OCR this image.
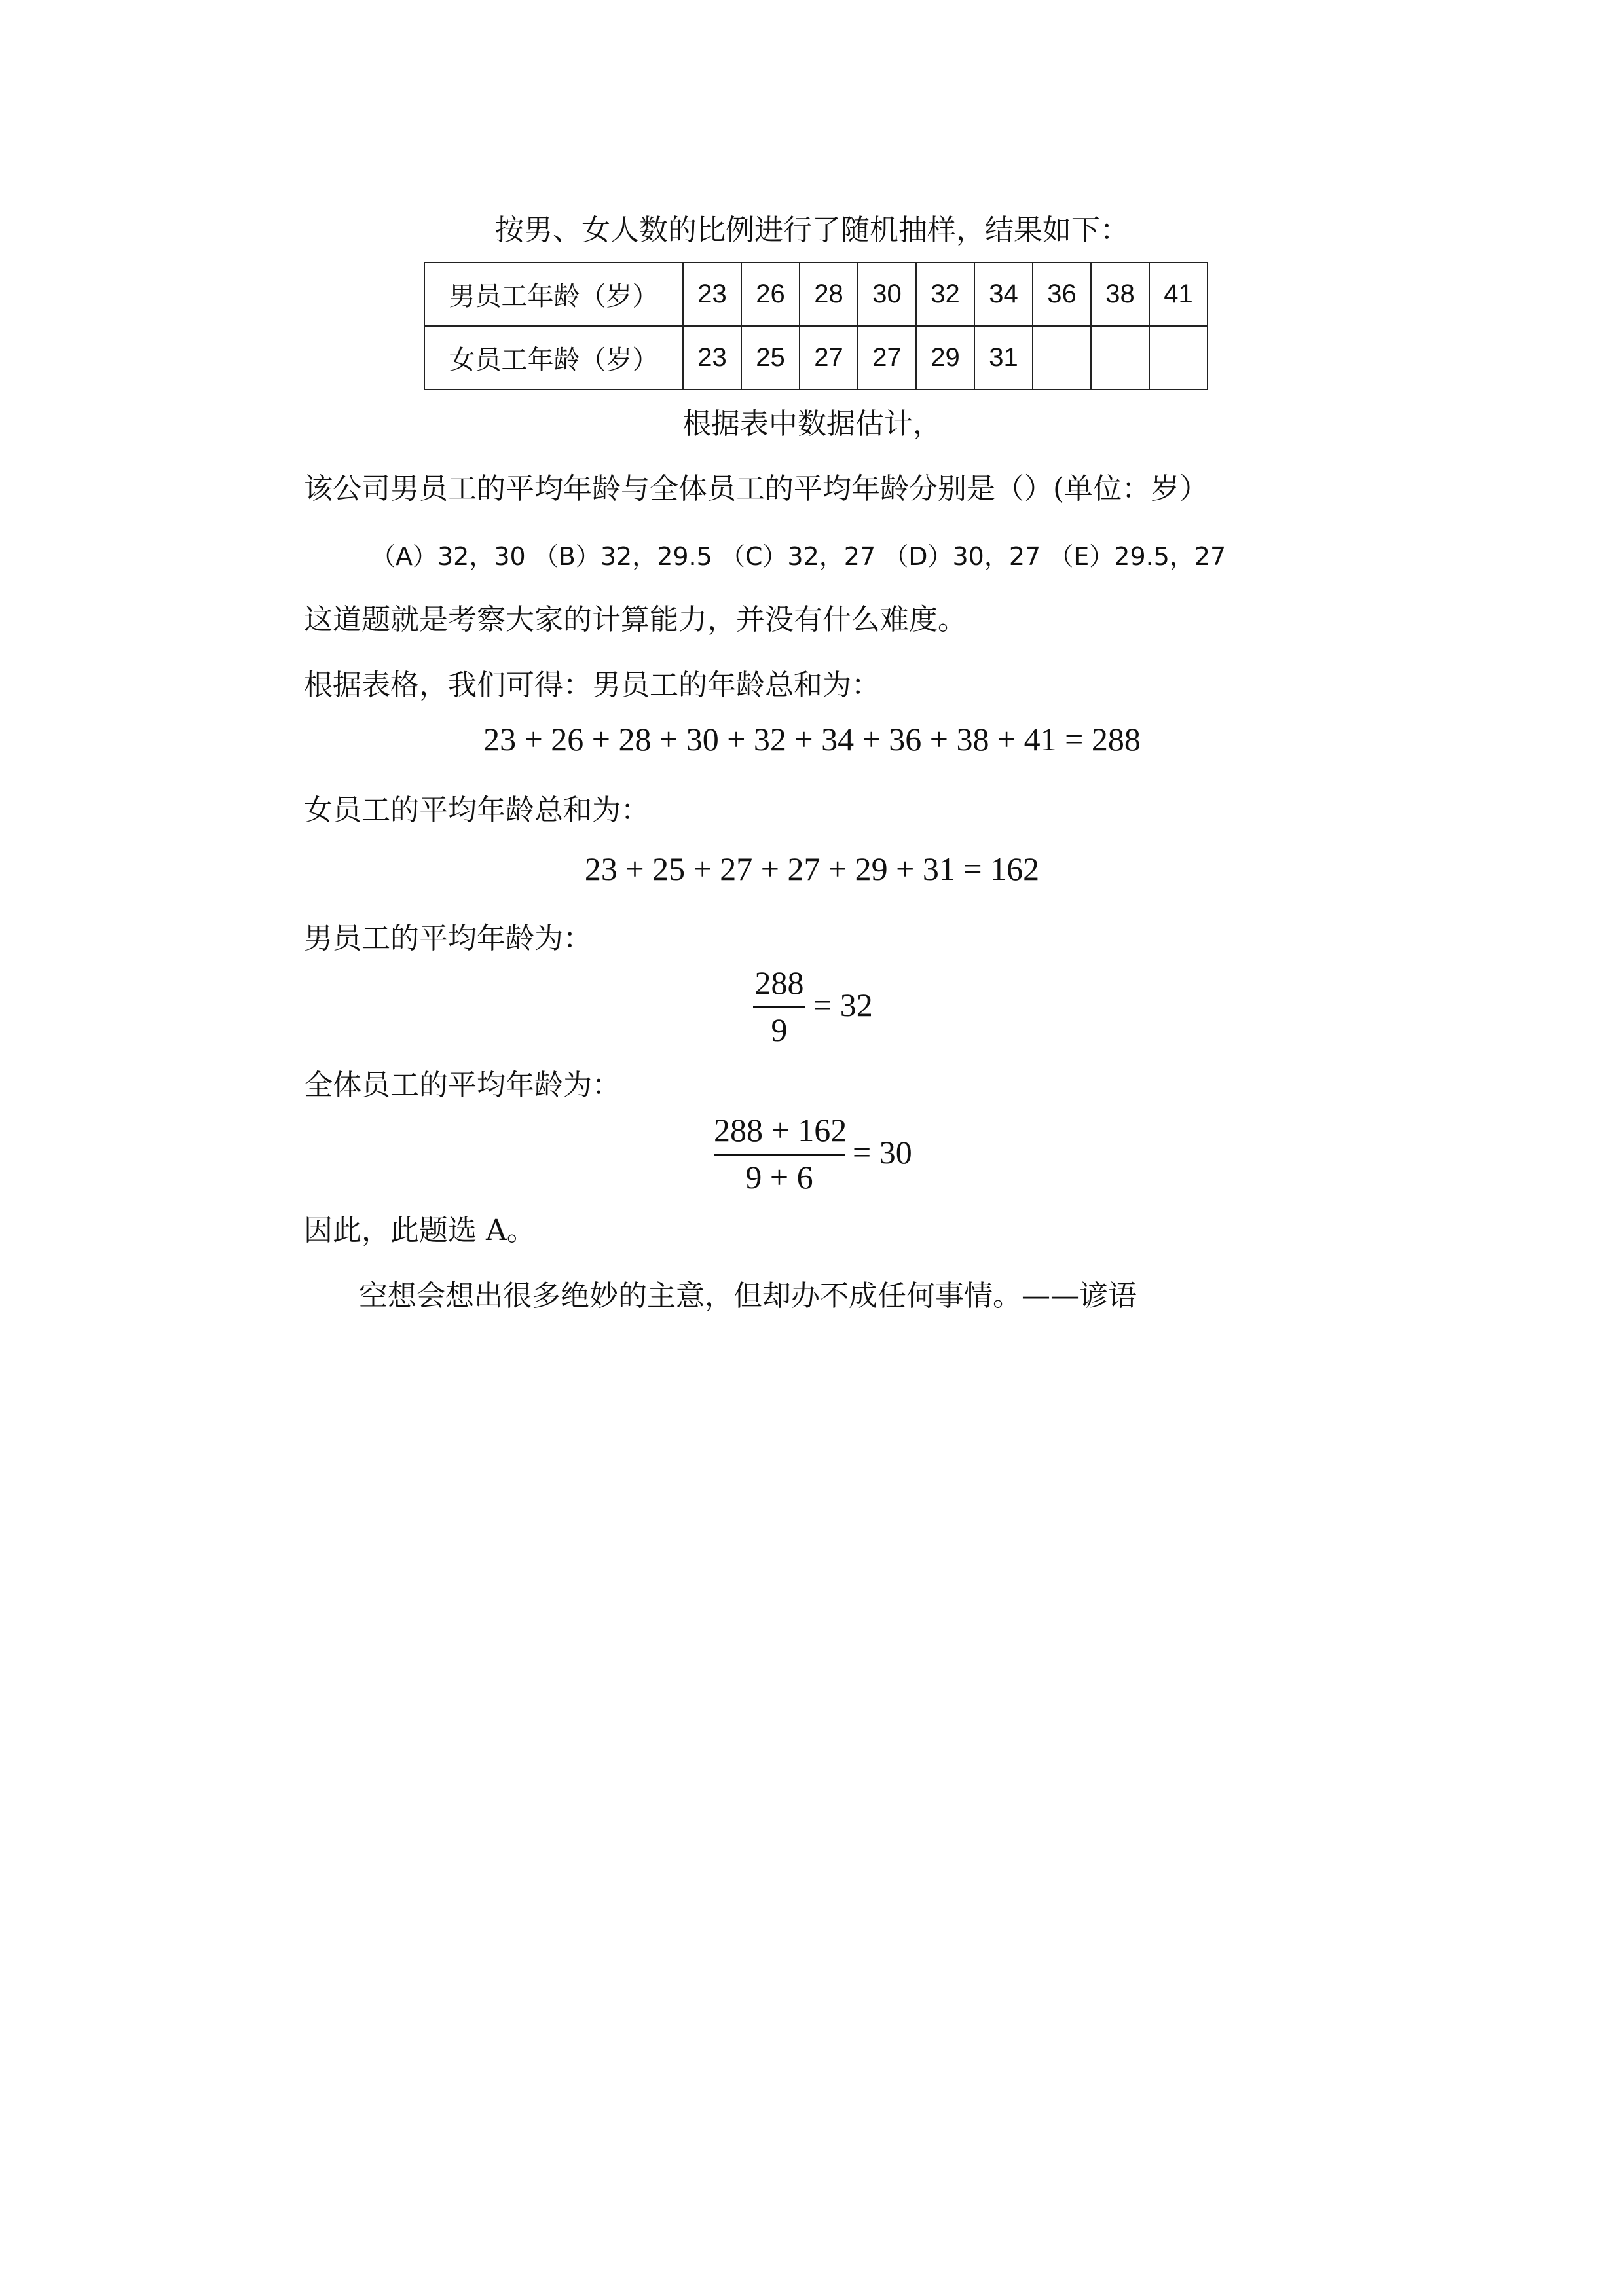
按男、女人数的比例进行了随机抽样，结果如下：
男员工年龄（岁）	23	26	28	30	32	34	36	38	41
女员工年龄（岁）	23	25	27	27	29	31			
根据表中数据估计，
该公司男员工的平均年龄与全体员工的平均年龄分别是（）(单位：岁）
（A）32，30 （B）32，29.5 （C）32，27 （D）30，27 （E）29.5，27
这道题就是考察大家的计算能力，并没有什么难度。
根据表格，我们可得：男员工的年龄总和为：
23 + 26 + 28 + 30 + 32 + 34 + 36 + 38 + 41 = 288
女员工的平均年龄总和为：
23 + 25 + 27 + 27 + 29 + 31 = 162
男员工的平均年龄为：
288
9
= 32
全体员工的平均年龄为：
288 + 162
9 + 6
= 30
因此，此题选 A。
空想会想出很多绝妙的主意，但却办不成任何事情。——谚语
